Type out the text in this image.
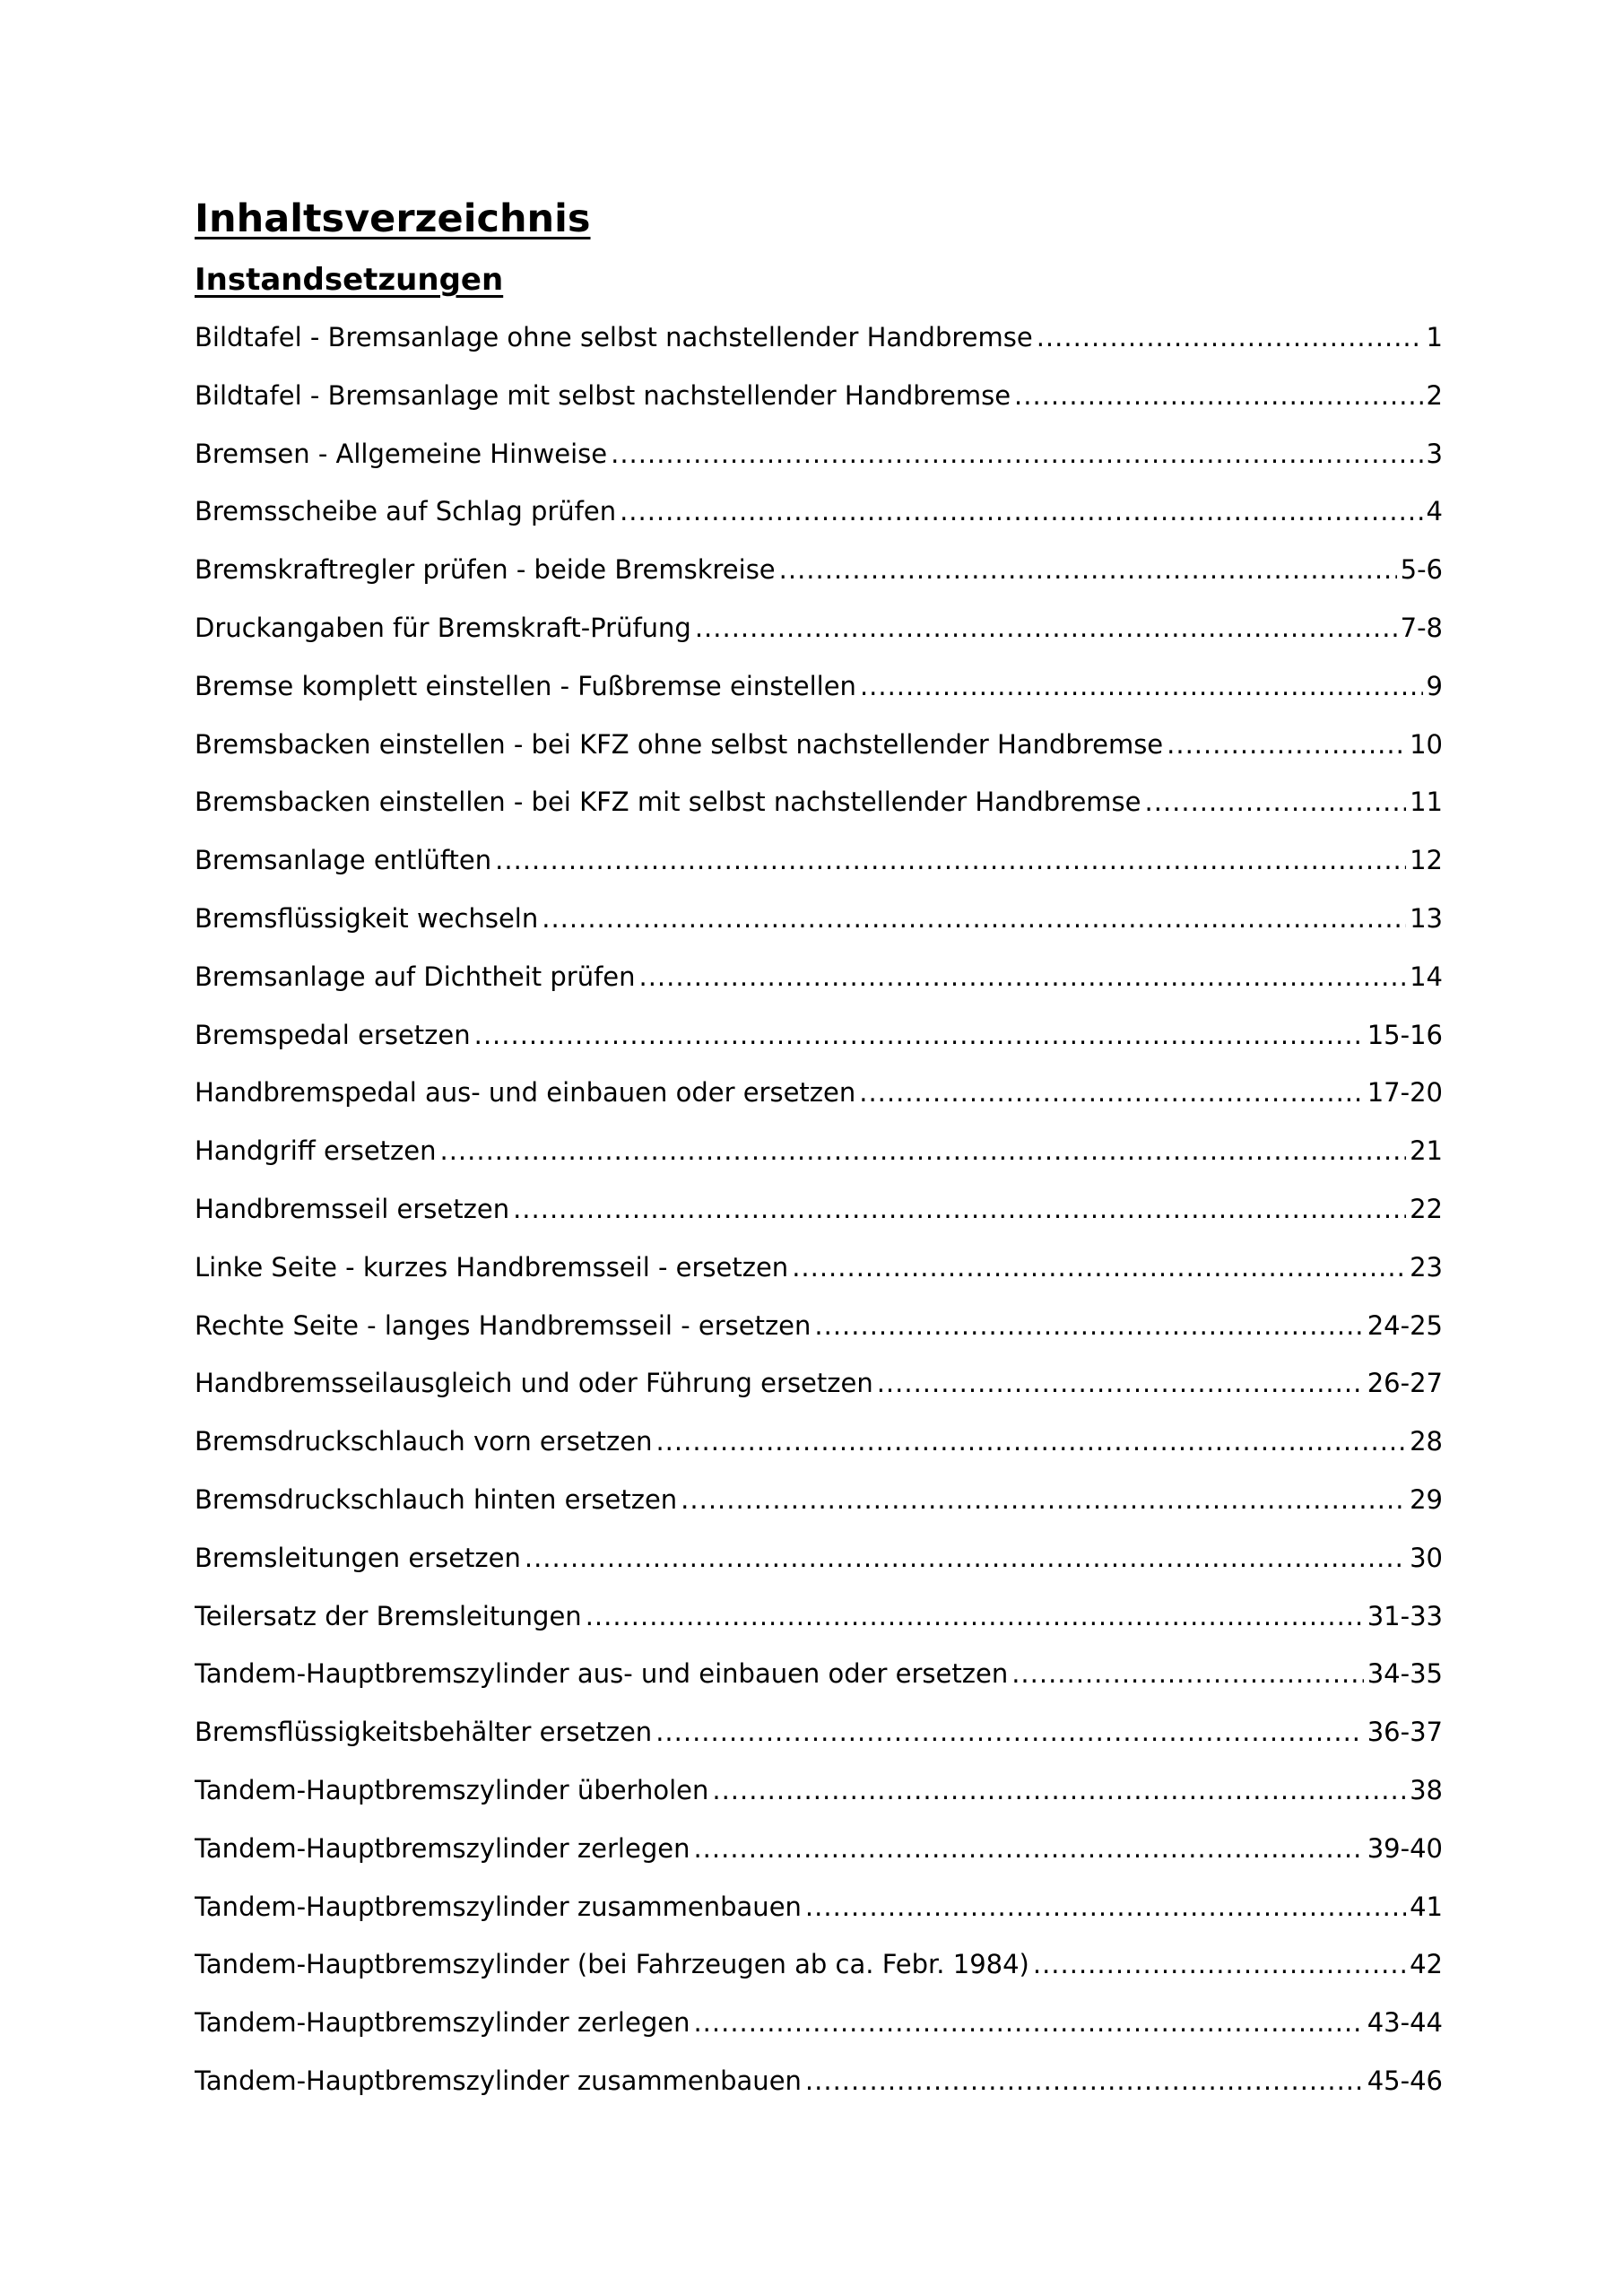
Inhaltsverzeichnis
Instandsetzungen
Bildtafel - Bremsanlage ohne selbst nachstellender Handbremse .....	1
Bildtafel - Bremsanlage mit selbst nachstellender Handbremse .....	2
Bremsen - Allgemeine Hinweise .....	3
Bremsscheibe auf Schlag prüfen .....	4
Bremskraftregler prüfen - beide Bremskreise .....	5-6
Druckangaben für Bremskraft-Prüfung .....	7-8
Bremse komplett einstellen - Fußbremse einstellen .....	9
Bremsbacken einstellen - bei KFZ ohne selbst nachstellender Handbremse .....	10
Bremsbacken einstellen - bei KFZ mit selbst nachstellender Handbremse .....	11
Bremsanlage entlüften .....	12
Bremsflüssigkeit wechseln .....	13
Bremsanlage auf Dichtheit prüfen .....	14
Bremspedal ersetzen .....	15-16
Handbremspedal aus- und einbauen oder ersetzen .....	17-20
Handgriff ersetzen .....	21
Handbremsseil ersetzen .....	22
Linke Seite - kurzes Handbremsseil - ersetzen .....	23
Rechte Seite - langes Handbremsseil - ersetzen .....	24-25
Handbremsseilausgleich und oder Führung ersetzen .....	26-27
Bremsdruckschlauch vorn ersetzen .....	28
Bremsdruckschlauch hinten ersetzen .....	29
Bremsleitungen ersetzen .....	30
Teilersatz der Bremsleitungen .....	31-33
Tandem-Hauptbremszylinder aus- und einbauen oder ersetzen .....	34-35
Bremsflüssigkeitsbehälter ersetzen .....	36-37
Tandem-Hauptbremszylinder überholen .....	38
Tandem-Hauptbremszylinder zerlegen .....	39-40
Tandem-Hauptbremszylinder zusammenbauen .....	41
Tandem-Hauptbremszylinder (bei Fahrzeugen ab ca. Febr. 1984) .....	42
Tandem-Hauptbremszylinder zerlegen .....	43-44
Tandem-Hauptbremszylinder zusammenbauen .....	45-46
